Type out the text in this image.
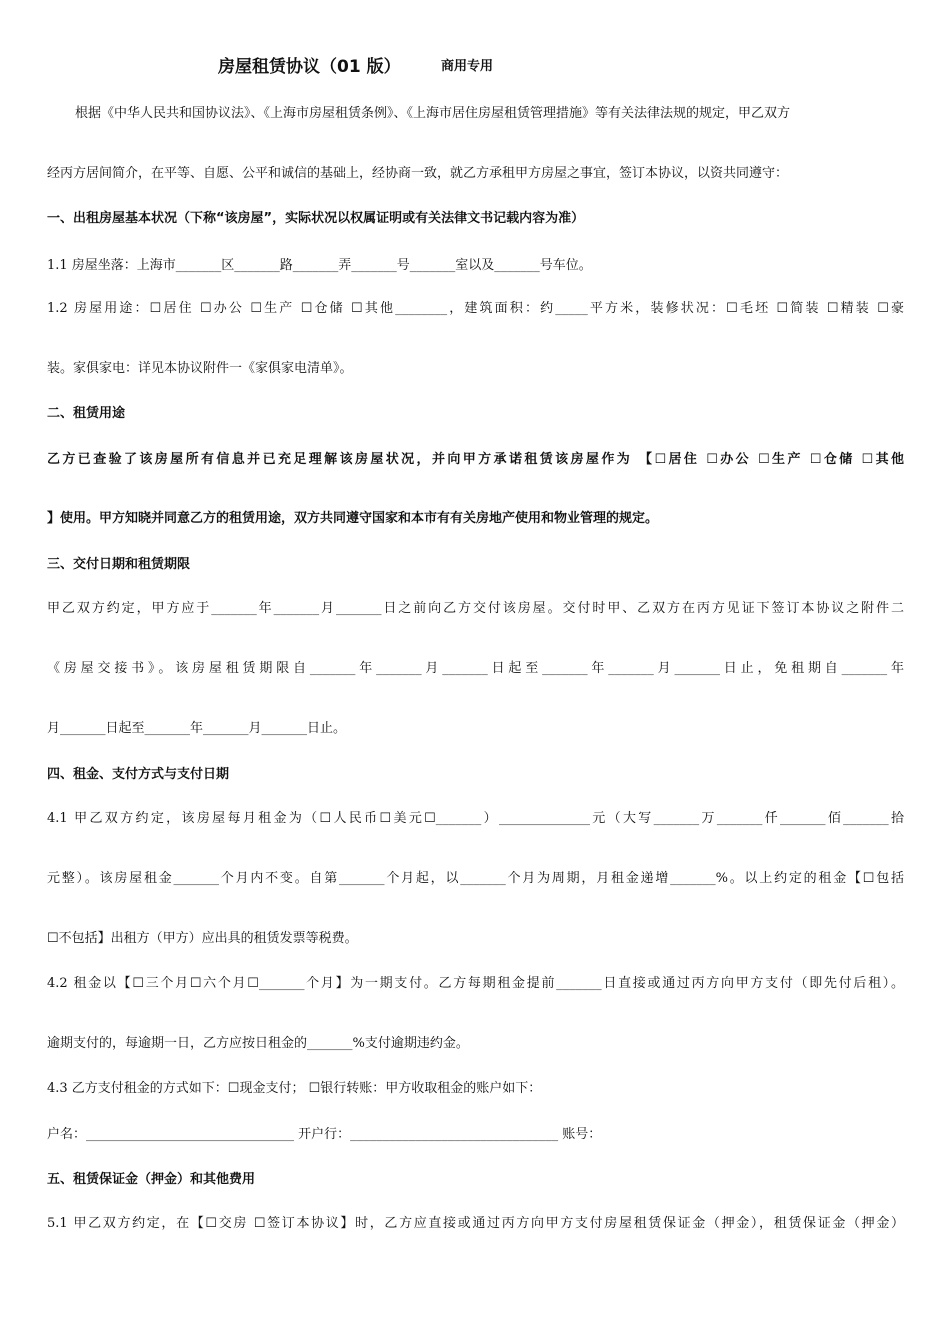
房屋租赁协议（01 版）	商用专用
根据《中华人民共和国协议法》、《上海市房屋租赁条例》、《上海市居住房屋租赁管理措施》等有关法律法规的规定，甲乙双方
经丙方居间简介，在平等、自愿、公平和诚信的基础上，经协商一致，就乙方承租甲方房屋之事宜，签订本协议，以资共同遵守：
一、出租房屋基本状况（下称“该房屋”，实际状况以权属证明或有关法律文书记载内容为准）
1.1 房屋坐落：上海市_______区_______路_______弄_______号_______室以及_______号车位。
1.2 房屋用途：☐居住 ☐办公 ☐生产 ☐仓储 ☐其他________，建筑面积：约_____平方米，装修状况：☐毛坯 ☐简装 ☐精装 ☐豪
装。家俱家电：详见本协议附件一《家俱家电清单》。
二、租赁用途
乙方已查验了该房屋所有信息并已充足理解该房屋状况，并向甲方承诺租赁该房屋作为 【☐居住 ☐办公 ☐生产 ☐仓储 ☐其他
】使用。甲方知晓并同意乙方的租赁用途，双方共同遵守国家和本市有有关房地产使用和物业管理的规定。
三、交付日期和租赁期限
甲乙双方约定，甲方应于_______年_______月_______日之前向乙方交付该房屋。交付时甲、乙双方在丙方见证下签订本协议之附件二
《房屋交接书》。该房屋租赁期限自_______年_______月_______日起至_______年_______月_______日止，免租期自_______年
月_______日起至_______年_______月_______日止。
四、租金、支付方式与支付日期
4.1 甲乙双方约定，该房屋每月租金为（☐人民币☐美元☐_______）______________元（大写_______万_______仟_______佰_______拾
元整）。该房屋租金_______个月内不变。自第_______个月起，以_______个月为周期，月租金递增_______%。以上约定的租金【☐包括
☐不包括】出租方（甲方）应出具的租赁发票等税费。
4.2 租金以【☐三个月☐六个月☐_______个月】为一期支付。乙方每期租金提前_______日直接或通过丙方向甲方支付（即先付后租）。
逾期支付的，每逾期一日，乙方应按日租金的_______%支付逾期违约金。
4.3 乙方支付租金的方式如下：☐现金支付； ☐银行转账：甲方收取租金的账户如下：
户名：________________________________ 开户行：________________________________ 账号：
五、租赁保证金（押金）和其他费用
5.1 甲乙双方约定，在【☐交房 ☐签订本协议】时，乙方应直接或通过丙方向甲方支付房屋租赁保证金（押金），租赁保证金（押金）
